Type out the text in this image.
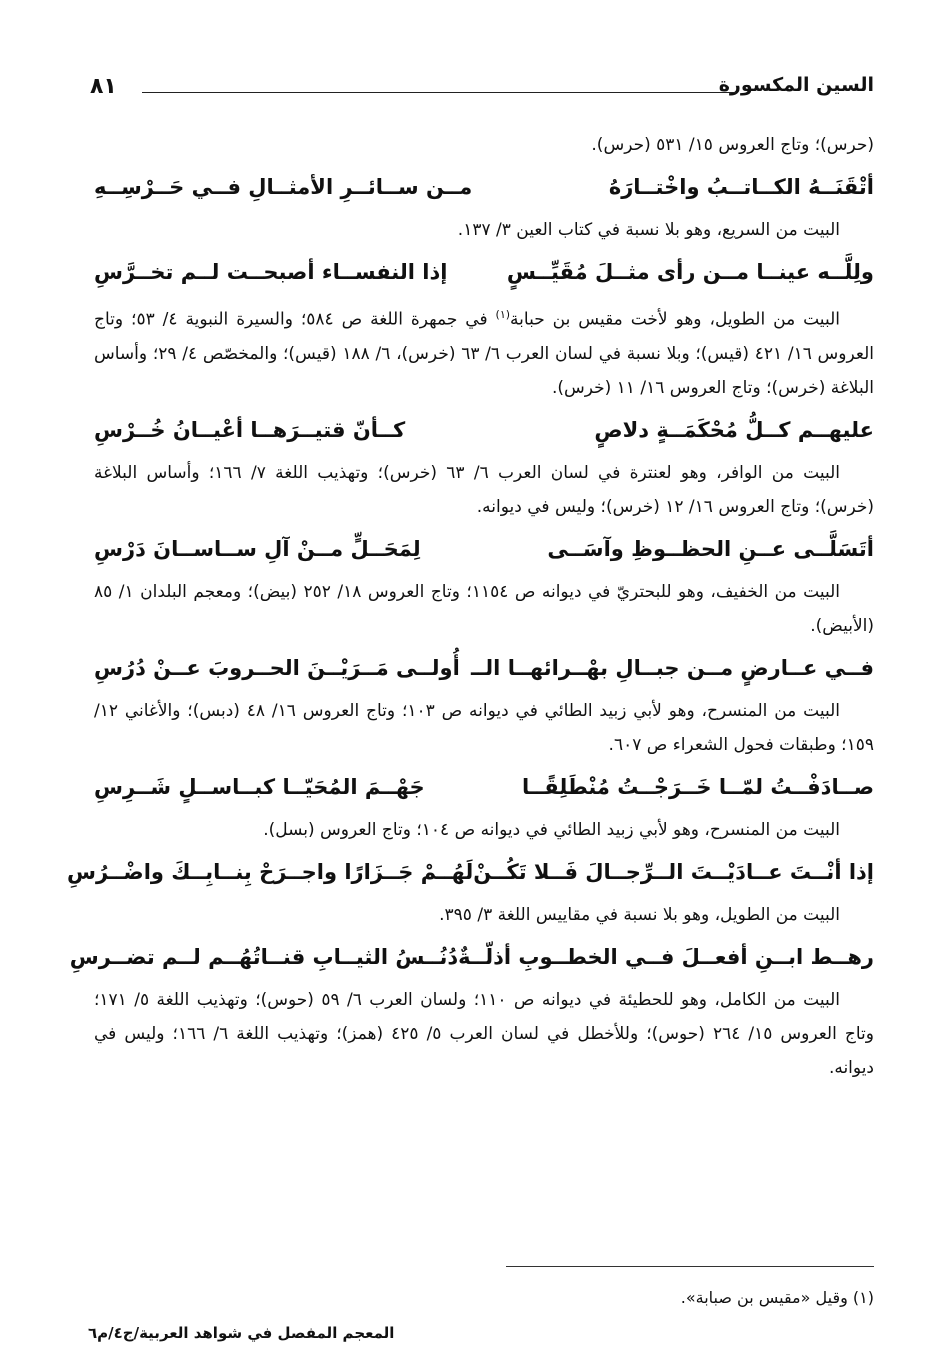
السين المكسورة
٨١

(حرس)؛ وتاج العروس ١٥/ ٥٣١ (حرس).

أتْقَنَــهُ الكــاتــبُ واخْتــارَهُ
مــن ســائــرِ الأمثــالِ فــي حَــرْسِــهِ

البيت من السريع، وهو بلا نسبة في كتاب العين ٣/ ١٣٧.

ولِلَّــه عينــا مــن رأى مثــلَ مُقَيِّــسٍ
إذا النفســاء أصبحــت لــم تخــرَّسِ

البيت من الطويل، وهو لأخت مقيس بن حبابة$^{(١)}$ في جمهرة اللغة ص ٥٨٤؛ والسيرة النبوية ٤/ ٥٣؛ وتاج العروس ١٦/ ٤٢١ (قيس)؛ وبلا نسبة في لسان العرب ٦/ ٦٣ (خرس)، ٦/ ١٨٨ (قيس)؛ والمخصّص ٤/ ٢٩؛ وأساس البلاغة (خرس)؛ وتاج العروس ١٦/ ١١ (خرس).

عليهــم كــلُّ مُحْكَمَــةٍ دلاصٍ
كــأنّ قتيــرَهــا أعْيــانُ خُــرْسِ

البيت من الوافر، وهو لعنترة في لسان العرب ٦/ ٦٣ (خرس)؛ وتهذيب اللغة ٧/ ١٦٦؛ وأساس البلاغة (خرس)؛ وتاج العروس ١٦/ ١٢ (خرس)؛ وليس في ديوانه.

أتَسَلَّــى عــنِ الحظــوظِ وآسَــى
لِمَحَــلٍّ مــنْ آلِ ســاســانَ دَرْسِ

البيت من الخفيف، وهو للبحتريّ في ديوانه ص ١١٥٤؛ وتاج العروس ١٨/ ٢٥٢ (بيض)؛ ومعجم البلدان ١/ ٨٥ (الأبيض).

فــي عــارضٍ مــن جبــالِ بهْــرائهــا الــ
أُولــى مَــرَيْــنَ الحــروبَ عــنْ دُرُسِ

البيت من المنسرح، وهو لأبي زبيد الطائي في ديوانه ص ١٠٣؛ وتاج العروس ١٦/ ٤٨ (دبس)؛ والأغاني ١٢/ ١٥٩؛ وطبقات فحول الشعراء ص ٦٠٧.

صــادَفْــتُ لمّــا خَــرَجْــتُ مُنْطَلِقًــا
جَهْــمَ المُحَيّــا كبــاســلٍ شَــرِسِ

البيت من المنسرح، وهو لأبي زبيد الطائي في ديوانه ص ١٠٤؛ وتاج العروس (بسل).

إذا أنْــتَ عــادَيْــتَ الــرِّجــالَ فَــلا تَكُــنْ
لَهُــمْ جَــزَارًا واجــرَحْ بِنــابِــكَ واضْــرُسِ

البيت من الطويل، وهو بلا نسبة في مقاييس اللغة ٣/ ٣٩٥.

رهــط ابــنِ أفعــلَ فــي الخطــوبِ أذلّــةٌ
دُنُــسُ الثيــابِ قنــاتُهُــم لــم تضــرسِ

البيت من الكامل، وهو للحطيئة في ديوانه ص ١١٠؛ ولسان العرب ٦/ ٥٩ (حوس)؛ وتهذيب اللغة ٥/ ١٧١؛ وتاج العروس ١٥/ ٢٦٤ (حوس)؛ وللأخطل في لسان العرب ٥/ ٤٢٥ (همز)؛ وتهذيب اللغة ٦/ ١٦٦؛ وليس في ديوانه.

(١) وقيل «مقيس بن صبابة».
المعجم المفصل في شواهد العربية/ج٤/م٦
